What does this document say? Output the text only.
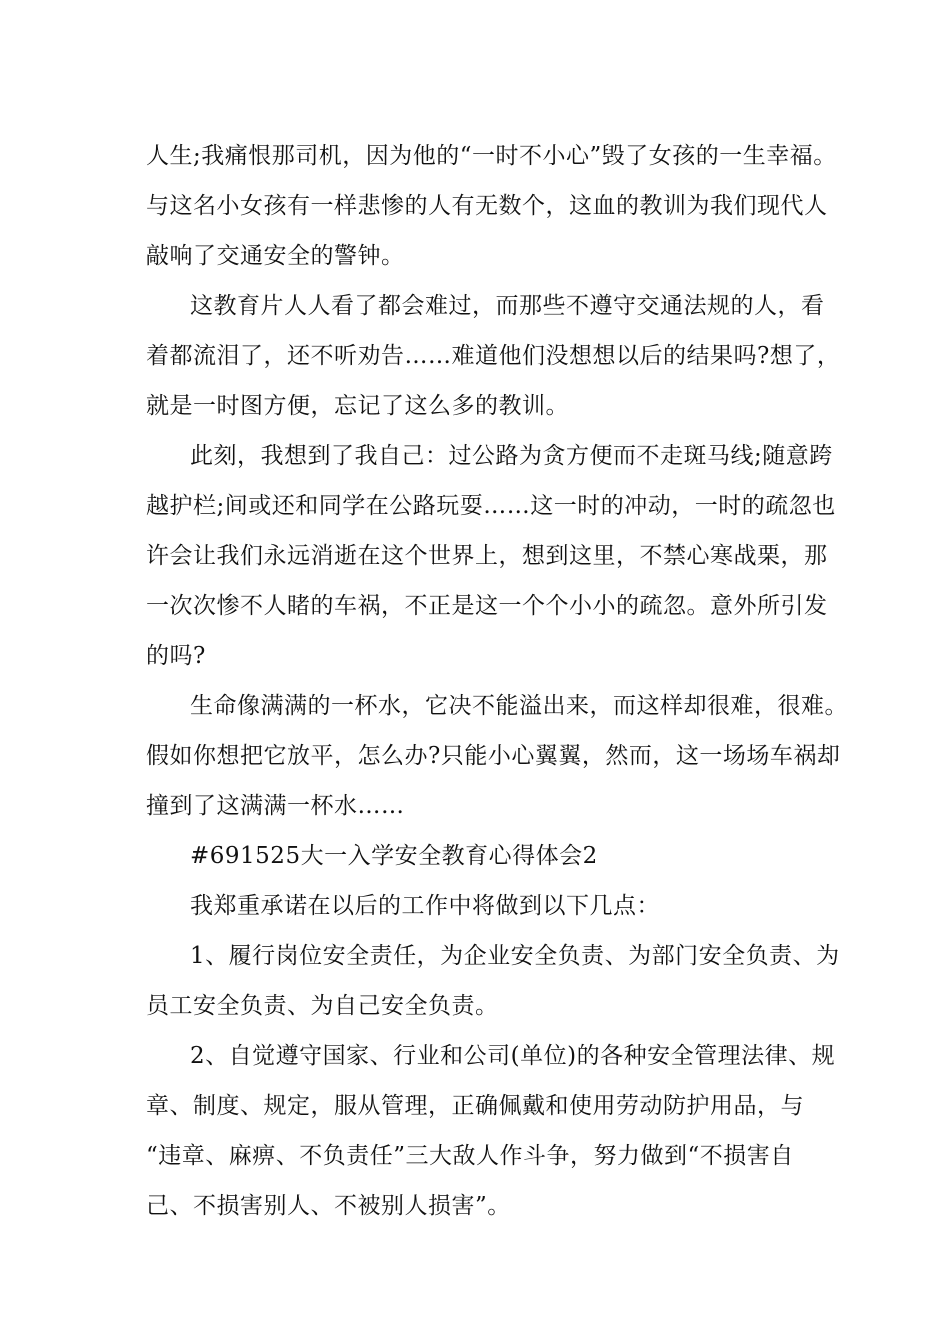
人生;我痛恨那司机，因为他的“一时不小心”毁了女孩的一生幸福。
与这名小女孩有一样悲惨的人有无数个，这血的教训为我们现代人
敲响了交通安全的警钟。

这教育片人人看了都会难过，而那些不遵守交通法规的人，看
着都流泪了，还不听劝告……难道他们没想想以后的结果吗?想了，
就是一时图方便，忘记了这么多的教训。

此刻，我想到了我自己：过公路为贪方便而不走斑马线;随意跨
越护栏;间或还和同学在公路玩耍……这一时的冲动，一时的疏忽也
许会让我们永远消逝在这个世界上，想到这里，不禁心寒战栗，那
一次次惨不人睹的车祸，不正是这一个个小小的疏忽。意外所引发
的吗?

生命像满满的一杯水，它决不能溢出来，而这样却很难，很难。
假如你想把它放平，怎么办?只能小心翼翼，然而，这一场场车祸却
撞到了这满满一杯水……

#691525大一入学安全教育心得体会2

我郑重承诺在以后的工作中将做到以下几点：

1、履行岗位安全责任，为企业安全负责、为部门安全负责、为
员工安全负责、为自己安全负责。

2、自觉遵守国家、行业和公司(单位)的各种安全管理法律、规
章、制度、规定，服从管理，正确佩戴和使用劳动防护用品，与
“违章、麻痹、不负责任”三大敌人作斗争，努力做到“不损害自
己、不损害别人、不被别人损害”。
